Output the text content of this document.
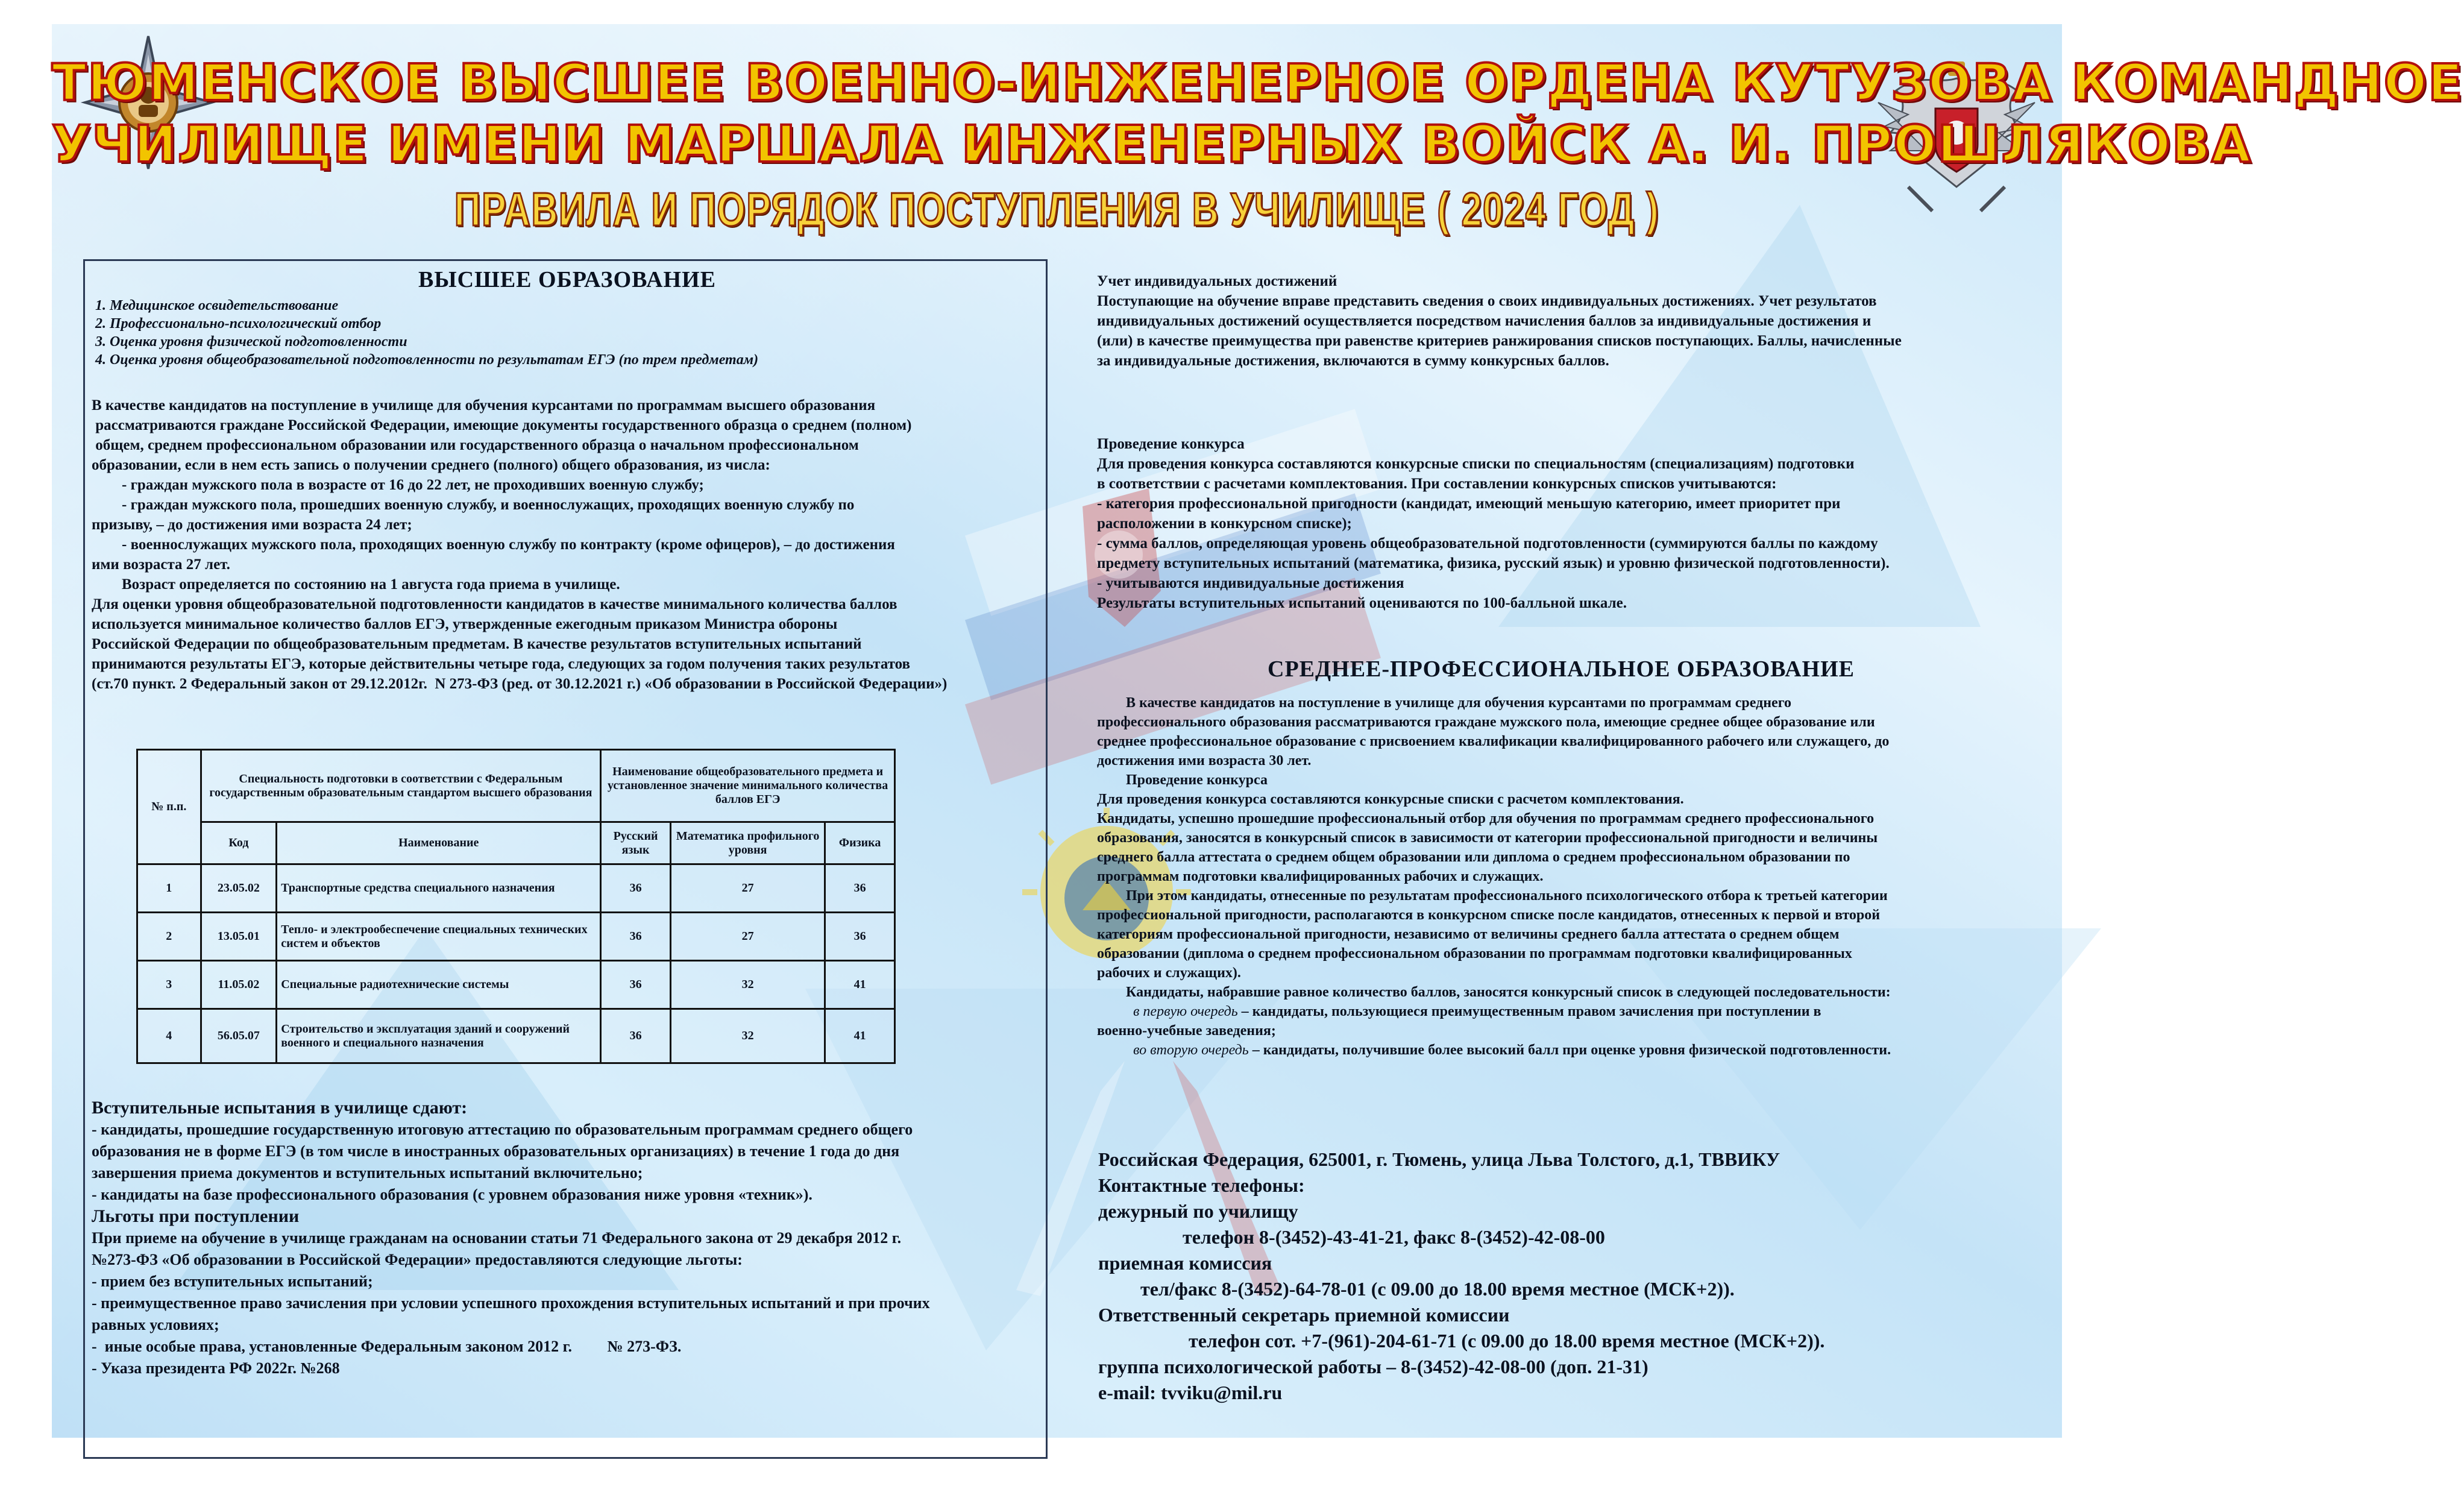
ТЮМЕНСКОЕ ВЫСШЕЕ ВОЕННО-ИНЖЕНЕРНОЕ ОРДЕНА КУТУЗОВА КОМАНДНОЕ
УЧИЛИЩЕ ИМЕНИ МАРШАЛА ИНЖЕНЕРНЫХ ВОЙСК А. И. ПРОШЛЯКОВА
ПРАВИЛА И ПОРЯДОК ПОСТУПЛЕНИЯ В УЧИЛИЩЕ ( 2024 ГОД )
ВЫСШЕЕ ОБРАЗОВАНИЕ
1. Медицинское освидетельствование
2. Профессионально-психологический отбор
3. Оценка уровня физической подготовленности
4. Оценка уровня общеобразовательной подготовленности по результатам ЕГЭ (по трем предметам)
В качестве кандидатов на поступление в училище для обучения курсантами по программам высшего образования
рассматриваются граждане Российской Федерации, имеющие документы государственного образца о среднем (полном)
общем, среднем профессиональном образовании или государственного образца о начальном профессиональном
образовании, если в нем есть запись о получении среднего (полного) общего образования, из числа:
- граждан мужского пола в возрасте от 16 до 22 лет, не проходивших военную службу;
- граждан мужского пола, прошедших военную службу, и военнослужащих, проходящих военную службу по
призыву, – до достижения ими возраста 24 лет;
- военнослужащих мужского пола, проходящих военную службу по контракту (кроме офицеров), – до достижения
ими возраста 27 лет.
Возраст определяется по состоянию на 1 августа года приема в училище.
Для оценки уровня общеобразовательной подготовленности кандидатов в качестве минимального количества баллов
используется минимальное количество баллов ЕГЭ, утвержденные ежегодным приказом Министра обороны
Российской Федерации по общеобразовательным предметам. В качестве результатов вступительных испытаний
принимаются результаты ЕГЭ, которые действительны четыре года, следующих за годом получения таких результатов
(ст.70 пункт. 2 Федеральный закон от 29.12.2012г.  N 273-ФЗ (ред. от 30.12.2021 г.) «Об образовании в Российской Федерации»)
№ п.п.	Специальность подготовки в соответствии с Федеральным государственным образовательным стандартом высшего образования		Наименование общеобразовательного предмета и установленное значение минимального количества баллов ЕГЭ		
	Код	Наименование	Русский язык	Математика профильного уровня	Физика
1	23.05.02	Транспортные средства специального назначения	36	27	36
2	13.05.01	Тепло- и электрообеспечение специальных технических систем и объектов	36	27	36
3	11.05.02	Специальные радиотехнические системы	36	32	41
4	56.05.07	Строительство и эксплуатация зданий и сооружений военного и специального назначения	36	32	41
Вступительные испытания в училище сдают:
- кандидаты, прошедшие государственную итоговую аттестацию по образовательным программам среднего общего
образования не в форме ЕГЭ (в том числе в иностранных образовательных организациях) в течение 1 года до дня
завершения приема документов и вступительных испытаний включительно;
- кандидаты на базе профессионального образования (с уровнем образования ниже уровня «техник»).
Льготы при поступлении
При приеме на обучение в училище гражданам на основании статьи 71 Федерального закона от 29 декабря 2012 г.
№273-ФЗ «Об образовании в Российской Федерации» предоставляются следующие льготы:
- прием без вступительных испытаний;
- преимущественное право зачисления при условии успешного прохождения вступительных испытаний и при прочих
равных условиях;
-  иные особые права, установленные Федеральным законом 2012 г.         № 273-ФЗ.
- Указа президента РФ 2022г. №268
Учет индивидуальных достижений
Поступающие на обучение вправе представить сведения о своих индивидуальных достижениях. Учет результатов
индивидуальных достижений осуществляется посредством начисления баллов за индивидуальные достижения и
(или) в качестве преимущества при равенстве критериев ранжирования списков поступающих. Баллы, начисленные
за индивидуальные достижения, включаются в сумму конкурсных баллов.
Проведение конкурса
Для проведения конкурса составляются конкурсные списки по специальностям (специализациям) подготовки
в соответствии с расчетами комплектования. При составлении конкурсных списков учитываются:
- категория профессиональной пригодности (кандидат, имеющий меньшую категорию, имеет приоритет при
расположении в конкурсном списке);
- сумма баллов, определяющая уровень общеобразовательной подготовленности (суммируются баллы по каждому
предмету вступительных испытаний (математика, физика, русский язык) и уровню физической подготовленности).
- учитываются индивидуальные достижения
Результаты вступительных испытаний оцениваются по 100-балльной шкале.
СРЕДНЕЕ-ПРОФЕССИОНАЛЬНОЕ ОБРАЗОВАНИЕ
В качестве кандидатов на поступление в училище для обучения курсантами по программам среднего
профессионального образования рассматриваются граждане мужского пола, имеющие среднее общее образование или
среднее профессиональное образование с присвоением квалификации квалифицированного рабочего или служащего, до
достижения ими возраста 30 лет.
Проведение конкурса
Для проведения конкурса составляются конкурсные списки с расчетом комплектования.
Кандидаты, успешно прошедшие профессиональный отбор для обучения по программам среднего профессионального
образования, заносятся в конкурсный список в зависимости от категории профессиональной пригодности и величины
среднего балла аттестата о среднем общем образовании или диплома о среднем профессиональном образовании по
программам подготовки квалифицированных рабочих и служащих.
При этом кандидаты, отнесенные по результатам профессионального психологического отбора к третьей категории
профессиональной пригодности, располагаются в конкурсном списке после кандидатов, отнесенных к первой и второй
категориям профессиональной пригодности, независимо от величины среднего балла аттестата о среднем общем
образовании (диплома о среднем профессиональном образовании по программам подготовки квалифицированных
рабочих и служащих).
Кандидаты, набравшие равное количество баллов, заносятся конкурсный список в следующей последовательности:
в первую очередь – кандидаты, пользующиеся преимущественным правом зачисления при поступлении в
военно-учебные заведения;
во вторую очередь – кандидаты, получившие более высокий балл при оценке уровня физической подготовленности.
Российская Федерация, 625001, г. Тюмень, улица Льва Толстого, д.1, ТВВИКУ
Контактные телефоны:
дежурный по училищу
телефон 8-(3452)-43-41-21, факс 8-(3452)-42-08-00
приемная комиссия
тел/факс 8-(3452)-64-78-01 (с 09.00 до 18.00 время местное (МСК+2)).
Ответственный секретарь приемной комиссии
телефон сот. +7-(961)-204-61-71 (с 09.00 до 18.00 время местное (МСК+2)).
группа психологической работы – 8-(3452)-42-08-00 (доп. 21-31)
e-mail: tvviku@mil.ru
